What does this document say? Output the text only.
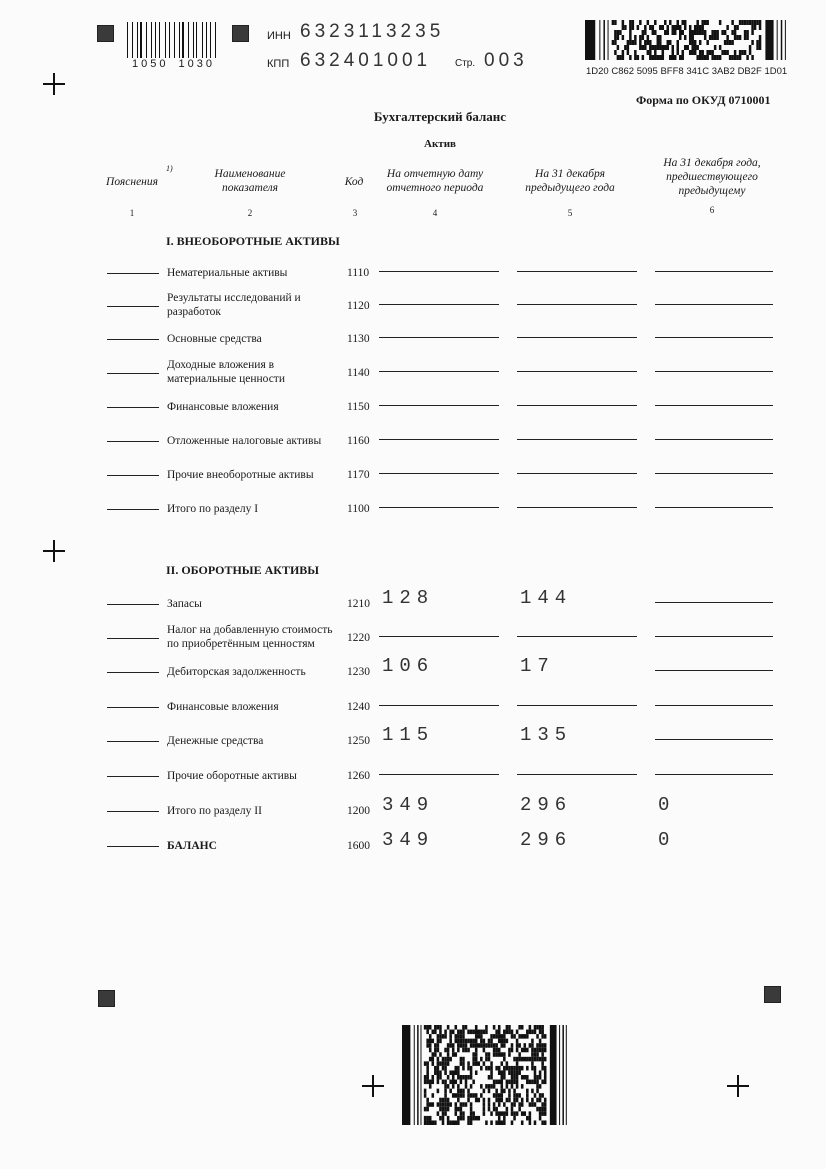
1050 1030
ИНН 6323113235
КПП 632401001 Стр. 003
1D20 C862 5095 BFF8 341C 3AB2 DB2F 1D01
Форма по ОКУД 0710001
Бухгалтерский баланс
Актив
Пояснения
1)	Наименование показателя	Код
На отчетную дату отчетного периода
На 31 декабря предыдущего года
На 31 декабря года, предшествующего предыдущему
1	2	3	4	5	6
I. ВНЕОБОРОТНЫЕ АКТИВЫ
Нематериальные активы	1110
Результаты исследований и разработок	1120
Основные средства	1130
Доходные вложения в материальные ценности	1140
Финансовые вложения	1150
Отложенные налоговые активы	1160
Прочие внеоборотные активы	1170
Итого по разделу I	1100
II. ОБОРОТНЫЕ АКТИВЫ
Запасы	1210 128	144
Налог на добавленную стоимость по приобретённым ценностям	1220
Дебиторская задолженность	1230 106	17
Финансовые вложения	1240
Денежные средства	1250 115	135
Прочие оборотные активы	1260
Итого по разделу II	1200 349	296	0
БАЛАНС	1600 349	296	0
